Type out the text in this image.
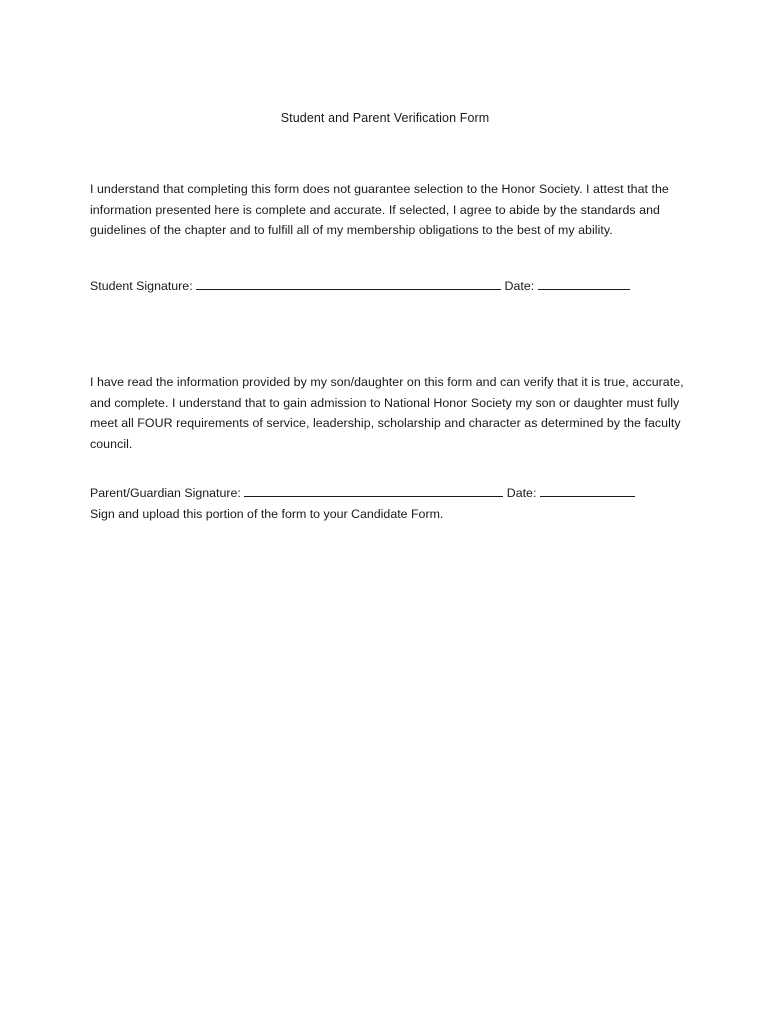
Student and Parent Verification Form

I understand that completing this form does not guarantee selection to the Honor Society. I attest that the information presented here is complete and accurate. If selected, I agree to abide by the standards and guidelines of the chapter and to fulfill all of my membership obligations to the best of my ability.

Student Signature:	Date:

I have read the information provided by my son/daughter on this form and can verify that it is true, accurate, and complete. I understand that to gain admission to National Honor Society my son or daughter must fully meet all FOUR requirements of service, leadership, scholarship and character as determined by the faculty council.

Parent/Guardian Signature:	Date:
Sign and upload this portion of the form to your Candidate Form.
